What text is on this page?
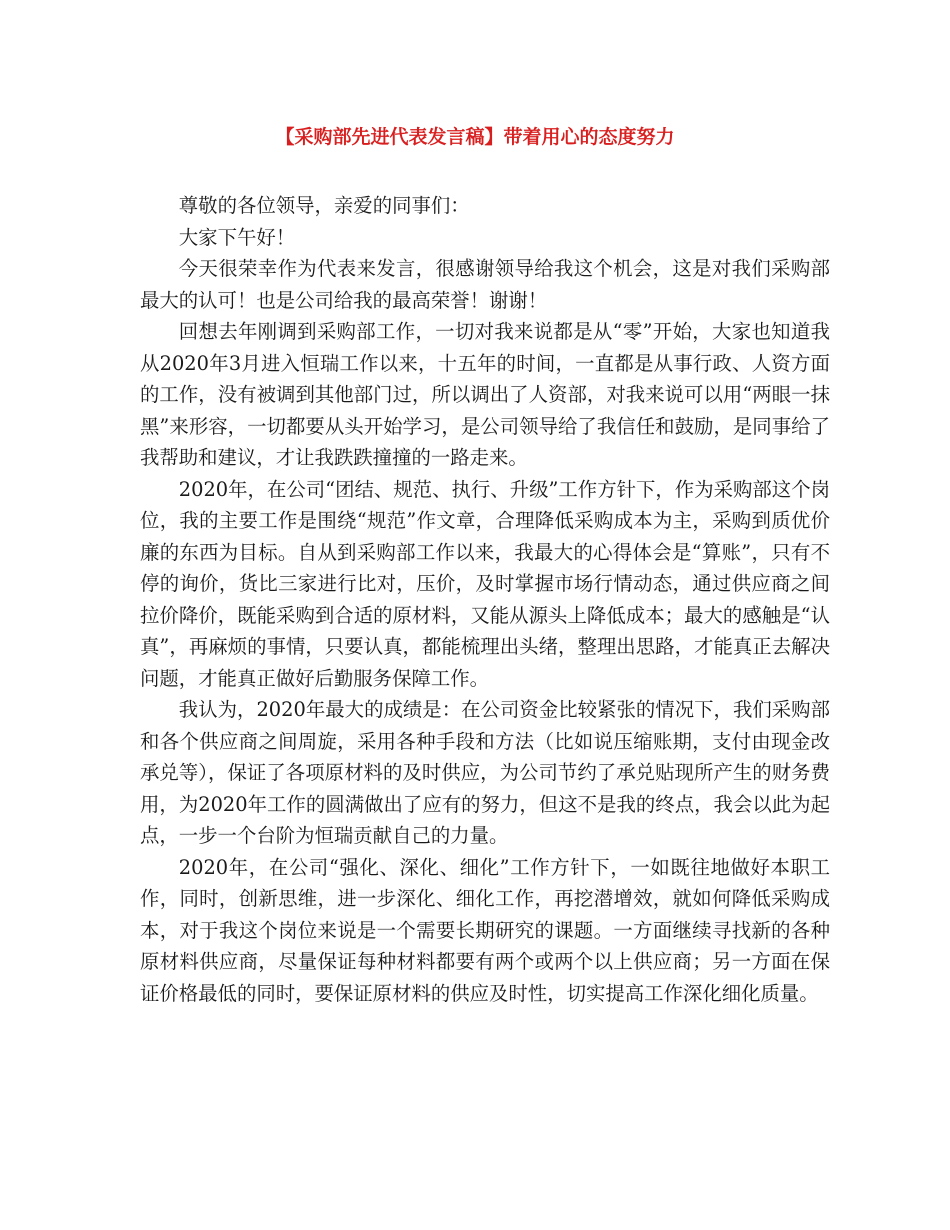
【采购部先进代表发言稿】带着用心的态度努力

尊敬的各位领导，亲爱的同事们：

大家下午好！

今天很荣幸作为代表来发言，很感谢领导给我这个机会，这是对我们采购部最大的认可！也是公司给我的最高荣誉！谢谢！

回想去年刚调到采购部工作，一切对我来说都是从“零”开始，大家也知道我从2020年3月进入恒瑞工作以来，十五年的时间，一直都是从事行政、人资方面的工作，没有被调到其他部门过，所以调出了人资部，对我来说可以用“两眼一抹黑”来形容，一切都要从头开始学习，是公司领导给了我信任和鼓励，是同事给了我帮助和建议，才让我跌跌撞撞的一路走来。

2020年，在公司“团结、规范、执行、升级”工作方针下，作为采购部这个岗位，我的主要工作是围绕“规范”作文章，合理降低采购成本为主，采购到质优价廉的东西为目标。自从到采购部工作以来，我最大的心得体会是“算账”，只有不停的询价，货比三家进行比对，压价，及时掌握市场行情动态，通过供应商之间拉价降价，既能采购到合适的原材料，又能从源头上降低成本；最大的感触是“认真”，再麻烦的事情，只要认真，都能梳理出头绪，整理出思路，才能真正去解决问题，才能真正做好后勤服务保障工作。

我认为，2020年最大的成绩是：在公司资金比较紧张的情况下，我们采购部和各个供应商之间周旋，采用各种手段和方法（比如说压缩账期，支付由现金改承兑等），保证了各项原材料的及时供应，为公司节约了承兑贴现所产生的财务费用，为2020年工作的圆满做出了应有的努力，但这不是我的终点，我会以此为起点，一步一个台阶为恒瑞贡献自己的力量。

2020年，在公司“强化、深化、细化”工作方针下，一如既往地做好本职工作，同时，创新思维，进一步深化、细化工作，再挖潜增效，就如何降低采购成本，对于我这个岗位来说是一个需要长期研究的课题。一方面继续寻找新的各种原材料供应商，尽量保证每种材料都要有两个或两个以上供应商；另一方面在保证价格最低的同时，要保证原材料的供应及时性，切实提高工作深化细化质量。
